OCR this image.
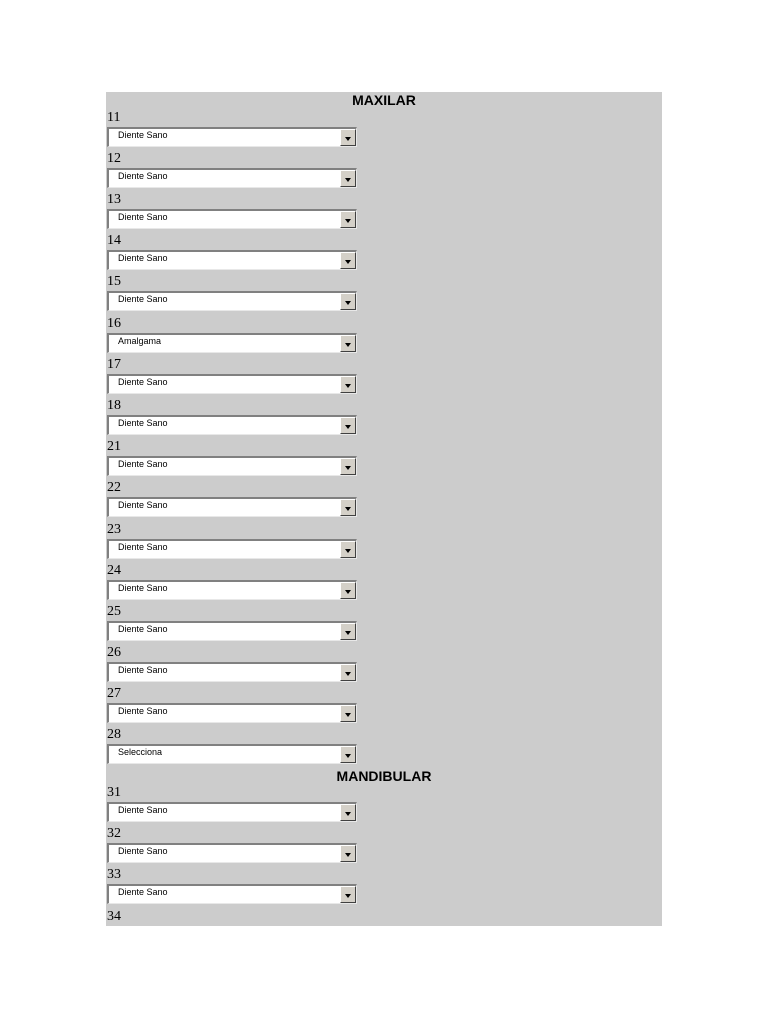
MAXILAR
MANDIBULAR
11
Diente Sano
12
Diente Sano
13
Diente Sano
14
Diente Sano
15
Diente Sano
16
Amalgama
17
Diente Sano
18
Diente Sano
21
Diente Sano
22
Diente Sano
23
Diente Sano
24
Diente Sano
25
Diente Sano
26
Diente Sano
27
Diente Sano
28
Selecciona
31
Diente Sano
32
Diente Sano
33
Diente Sano
34
